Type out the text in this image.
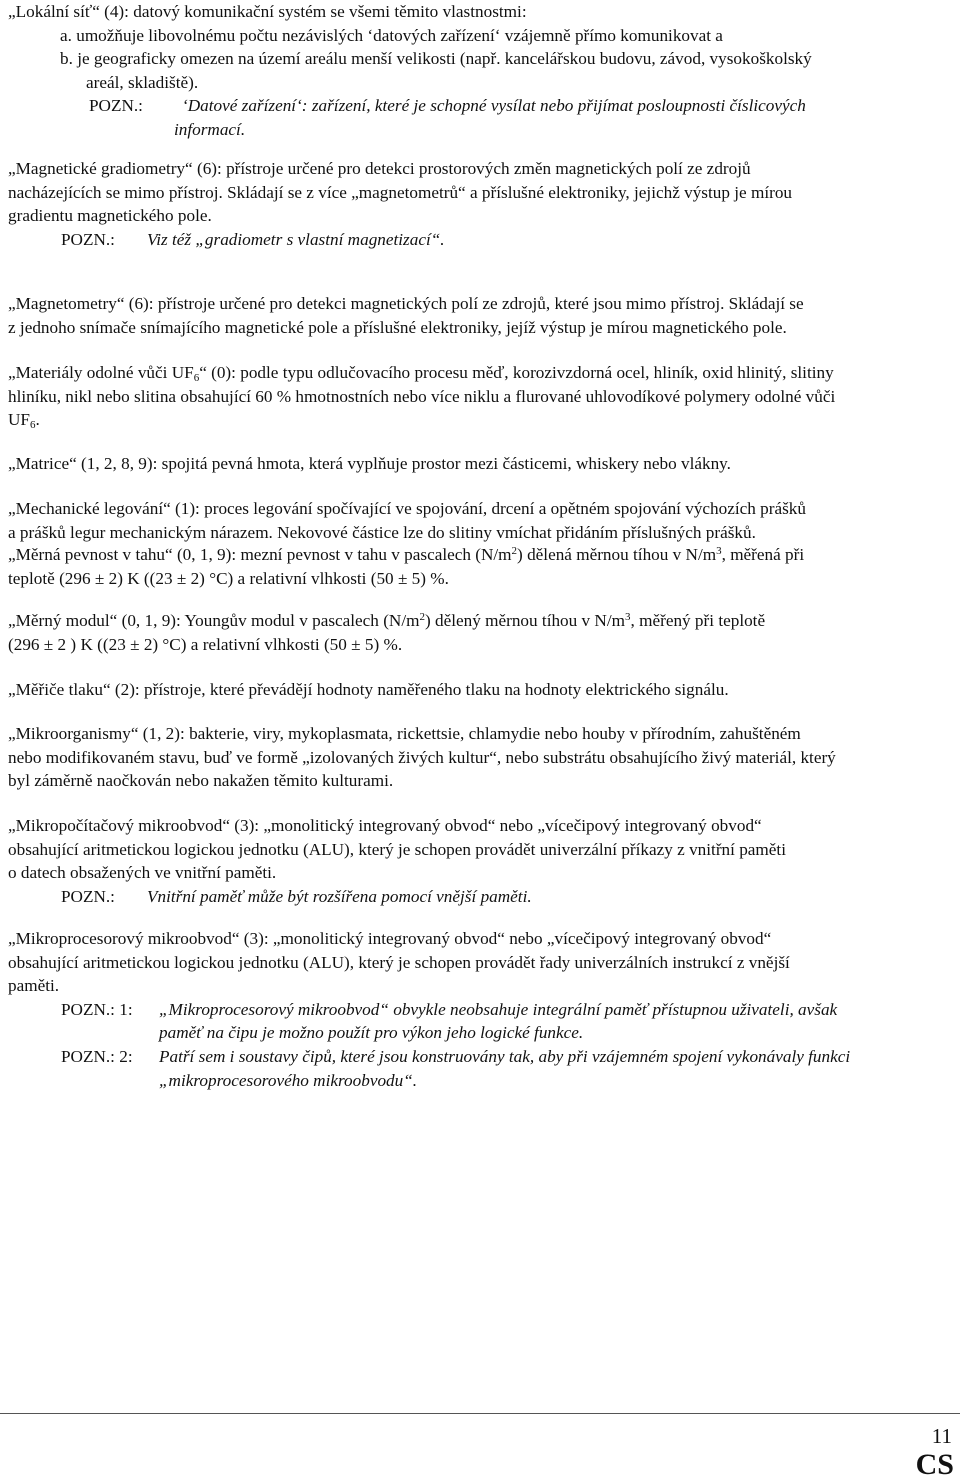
„Lokální síť“ (4): datový komunikační systém se všemi těmito vlastnostmi:
a. umožňuje libovolnému počtu nezávislých ‘datových zařízení‘ vzájemně přímo komunikovat a
b. je geograficky omezen na území areálu menší velikosti (např. kancelářskou budovu, závod, vysokoškolský
areál, skladiště).
POZN.: ‘Datové zařízení‘: zařízení, které je schopné vysílat nebo přijímat posloupnosti číslicových
informací.
„Magnetické gradiometry“ (6): přístroje určené pro detekci prostorových změn magnetických polí ze zdrojů
nacházejících se mimo přístroj. Skládají se z více „magnetometrů“ a příslušné elektroniky, jejichž výstup je mírou
gradientu magnetického pole.
POZN.: Viz též „gradiometr s vlastní magnetizací“.
„Magnetometry“ (6): přístroje určené pro detekci magnetických polí ze zdrojů, které jsou mimo přístroj. Skládají se
z jednoho snímače snímajícího magnetické pole a příslušné elektroniky, jejíž výstup je mírou magnetického pole.
„Materiály odolné vůči $UF_6“$ (0): podle typu odlučovacího procesu měď, korozivzdorná ocel, hliník, oxid hlinitý, slitiny
hliníku, nikl nebo slitina obsahující 60 % hmotnostních nebo více niklu a flurované uhlovodíkové polymery odolné vůči
$UF_6$.
„Matrice“ (1, 2, 8, 9): spojitá pevná hmota, která vyplňuje prostor mezi částicemi, whiskery nebo vlákny.
„Mechanické legování“ (1): proces legování spočívající ve spojování, drcení a opětném spojování výchozích prášků
a prášků legur mechanickým nárazem. Nekovové částice lze do slitiny vmíchat přidáním příslušných prášků.
„Měrná pevnost v tahu“ (0, 1, 9): mezní pevnost v tahu v pascalech $(N/m^2)$ dělená měrnou tíhou v $N/m^3$, měřená při
teplotě (296 ± 2) K ((23 ± 2) °C) a relativní vlhkosti (50 ± 5) %.
„Měrný modul“ (0, 1, 9): Youngův modul v pascalech $(N/m^2)$ dělený měrnou tíhou v $N/m^3$, měřený při teplotě
(296 ± 2 ) K ((23 ± 2) °C) a relativní vlhkosti (50 ± 5) %.
„Měřiče tlaku“ (2): přístroje, které převádějí hodnoty naměřeného tlaku na hodnoty elektrického signálu.
„Mikroorganismy“ (1, 2): bakterie, viry, mykoplasmata, rickettsie, chlamydie nebo houby v přírodním, zahuštěném
nebo modifikovaném stavu, buď ve formě „izolovaných živých kultur“, nebo substrátu obsahujícího živý materiál, který
byl záměrně naočkován nebo nakažen těmito kulturami.
„Mikropočítačový mikroobvod“ (3): „monolitický integrovaný obvod“ nebo „vícečipový integrovaný obvod“
obsahující aritmetickou logickou jednotku (ALU), který je schopen provádět univerzální příkazy z vnitřní paměti
o datech obsažených ve vnitřní paměti.
POZN.: Vnitřní paměť může být rozšířena pomocí vnější paměti.
„Mikroprocesorový mikroobvod“ (3): „monolitický integrovaný obvod“ nebo „vícečipový integrovaný obvod“
obsahující aritmetickou logickou jednotku (ALU), který je schopen provádět řady univerzálních instrukcí z vnější
paměti.
POZN.: 1: „Mikroprocesorový mikroobvod“ obvykle neobsahuje integrální paměť přístupnou uživateli, avšak
paměť na čipu je možno použít pro výkon jeho logické funkce.
POZN.: 2: Patří sem i soustavy čipů, které jsou konstruovány tak, aby při vzájemném spojení vykonávaly funkci
„mikroprocesorového mikroobvodu“.
11
CS
